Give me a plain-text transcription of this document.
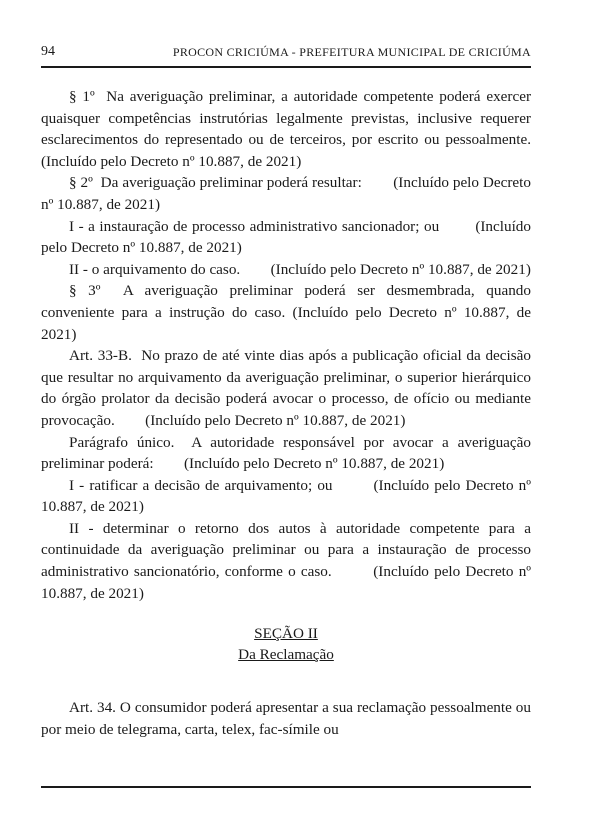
94	PROCON CRICIÚMA - PREFEITURA MUNICIPAL DE CRICIÚMA

§ 1º  Na averiguação preliminar, a autoridade competente poderá exercer quaisquer competências instrutórias legalmente previstas, inclusive requerer esclarecimentos do representado ou de terceiros, por escrito ou pessoalmente.        (Incluído pelo Decreto nº 10.887, de 2021)

§ 2º  Da averiguação preliminar poderá resultar:        (Incluído pelo Decreto nº 10.887, de 2021)

I - a instauração de processo administrativo sancionador; ou        (Incluído pelo Decreto nº 10.887, de 2021)

II - o arquivamento do caso.        (Incluído pelo Decreto nº 10.887, de 2021)

§ 3º  A averiguação preliminar poderá ser desmembrada, quando conveniente para a instrução do caso. (Incluído pelo Decreto nº 10.887, de 2021)

Art. 33-B.  No prazo de até vinte dias após a publicação oficial da decisão que resultar no arquivamento da averiguação preliminar, o superior hierárquico do órgão prolator da decisão poderá avocar o processo, de ofício ou mediante provocação.        (Incluído pelo Decreto nº 10.887, de 2021)

Parágrafo único.  A autoridade responsável por avocar a averiguação preliminar poderá:        (Incluído pelo Decreto nº 10.887, de 2021)

I - ratificar a decisão de arquivamento; ou        (Incluído pelo Decreto nº 10.887, de 2021)

II - determinar o retorno dos autos à autoridade competente para a continuidade da averiguação preliminar ou para a instauração de processo administrativo sancionatório, conforme o caso.        (Incluído pelo Decreto nº 10.887, de 2021)

SEÇÃO II
Da Reclamação

Art. 34. O consumidor poderá apresentar a sua reclamação pessoalmente ou por meio de telegrama, carta, telex, fac-símile ou
